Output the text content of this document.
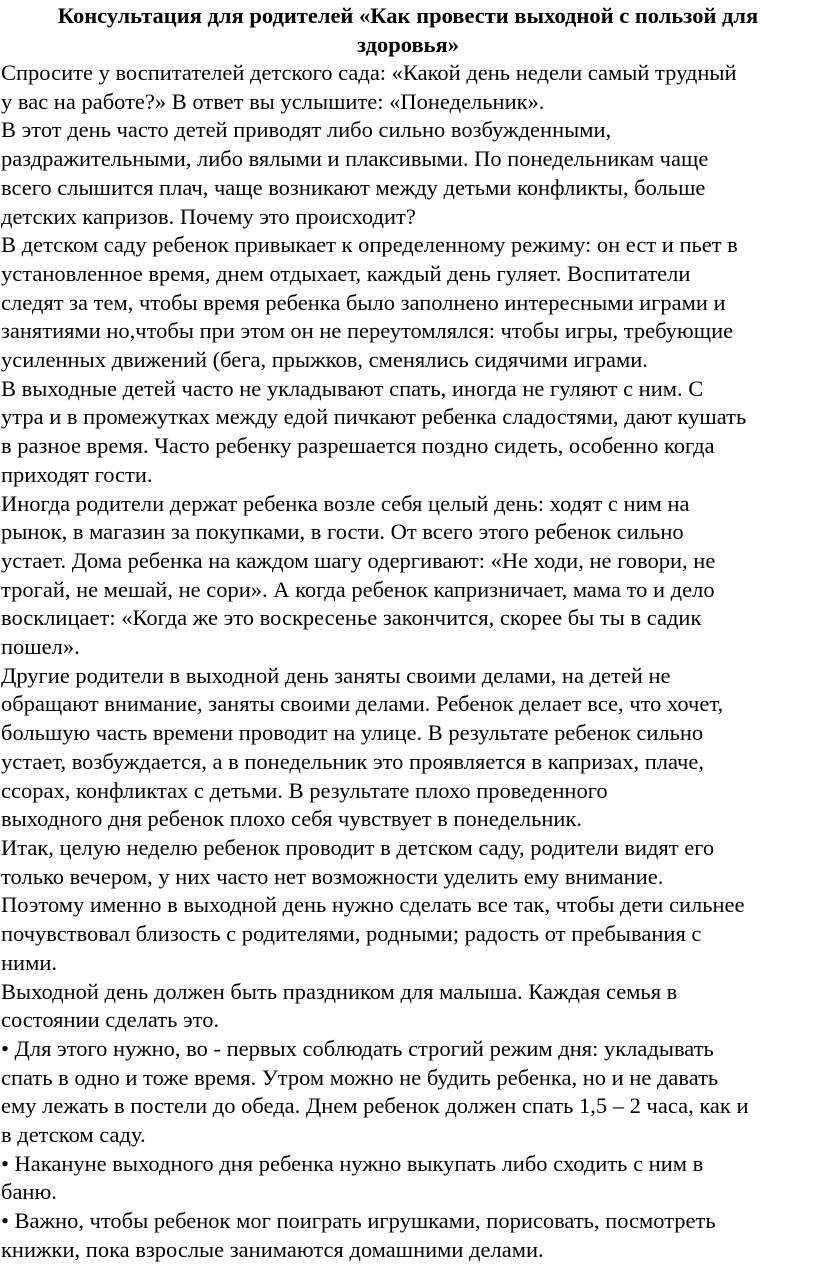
Консультация для родителей «Как провести выходной с пользой для
здоровья»

Спросите у воспитателей детского сада: «Какой день недели самый трудный
у вас на работе?» В ответ вы услышите: «Понедельник».

В этот день часто детей приводят либо сильно возбужденными,
раздражительными, либо вялыми и плаксивыми. По понедельникам чаще
всего слышится плач, чаще возникают между детьми конфликты, больше
детских капризов. Почему это происходит?

В детском саду ребенок привыкает к определенному режиму: он ест и пьет в
установленное время, днем отдыхает, каждый день гуляет. Воспитатели
следят за тем, чтобы время ребенка было заполнено интересными играми и
занятиями но,чтобы при этом он не переутомлялся: чтобы игры, требующие
усиленных движений (бега, прыжков, сменялись сидячими играми.

В выходные детей часто не укладывают спать, иногда не гуляют с ним. С
утра и в промежутках между едой пичкают ребенка сладостями, дают кушать
в разное время. Часто ребенку разрешается поздно сидеть, особенно когда
приходят гости.

Иногда родители держат ребенка возле себя целый день: ходят с ним на
рынок, в магазин за покупками, в гости. От всего этого ребенок сильно
устает. Дома ребенка на каждом шагу одергивают: «Не ходи, не говори, не
трогай, не мешай, не сори». А когда ребенок капризничает, мама то и дело
восклицает: «Когда же это воскресенье закончится, скорее бы ты в садик
пошел».

Другие родители в выходной день заняты своими делами, на детей не
обращают внимание, заняты своими делами. Ребенок делает все, что хочет,
большую часть времени проводит на улице. В результате ребенок сильно
устает, возбуждается, а в понедельник это проявляется в капризах, плаче,
ссорах, конфликтах с детьми. В результате плохо проведенного
выходного дня ребенок плохо себя чувствует в понедельник.

Итак, целую неделю ребенок проводит в детском саду, родители видят его
только вечером, у них часто нет возможности уделить ему внимание.
Поэтому именно в выходной день нужно сделать все так, чтобы дети сильнее
почувствовал близость с родителями, родными; радость от пребывания с
ними.

Выходной день должен быть праздником для малыша. Каждая семья в
состоянии сделать это.

• Для этого нужно, во - первых соблюдать строгий режим дня: укладывать
спать в одно и тоже время. Утром можно не будить ребенка, но и не давать
ему лежать в постели до обеда. Днем ребенок должен спать 1,5 – 2 часа, как и
в детском саду.

• Накануне выходного дня ребенка нужно выкупать либо сходить с ним в
баню.

• Важно, чтобы ребенок мог поиграть игрушками, порисовать, посмотреть
книжки, пока взрослые занимаются домашними делами.
